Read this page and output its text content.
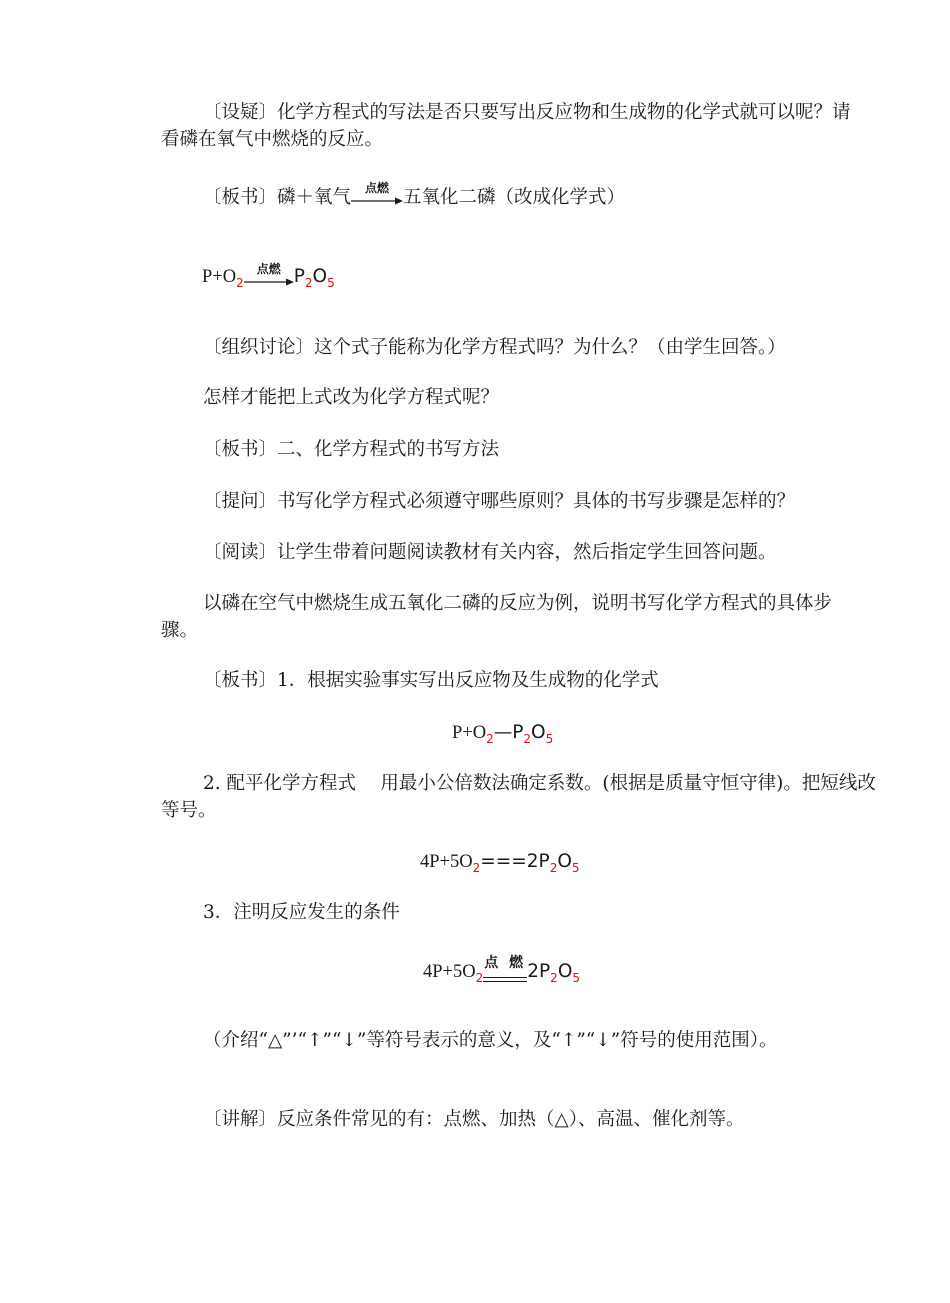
〔设疑〕化学方程式的写法是否只要写出反应物和生成物的化学式就可以呢？请看磷在氧气中燃烧的反应。
〔板书〕磷＋氧气	点燃 五氧化二磷（改成化学式）
$P+O_2$
点燃 $P_2O_5$
〔组织讨论〕这个式子能称为化学方程式吗？为什么？（由学生回答。）
怎样才能把上式改为化学方程式呢？
〔板书〕二、化学方程式的书写方法
〔提问〕书写化学方程式必须遵守哪些原则？具体的书写步骤是怎样的？
〔阅读〕让学生带着问题阅读教材有关内容，然后指定学生回答问题。
以磷在空气中燃烧生成五氧化二磷的反应为例，说明书写化学方程式的具体步骤。
〔板书〕1．根据实验事实写出反应物及生成物的化学式
$P+O_2—P_2O_5$
2. 配平化学方程式　 用最小公倍数法确定系数。(根据是质量守恒守律)。把短线改等号。
$4P+5O_2===2P_2O_5$
3．注明反应发生的条件
$4P+5O_2$
点 燃 $2P_2O_5$
（介绍“△”’“↑”“↓”等符号表示的意义，及“↑”“↓”符号的使用范围）。
〔讲解〕反应条件常见的有：点燃、加热（△）、高温、催化剂等。
